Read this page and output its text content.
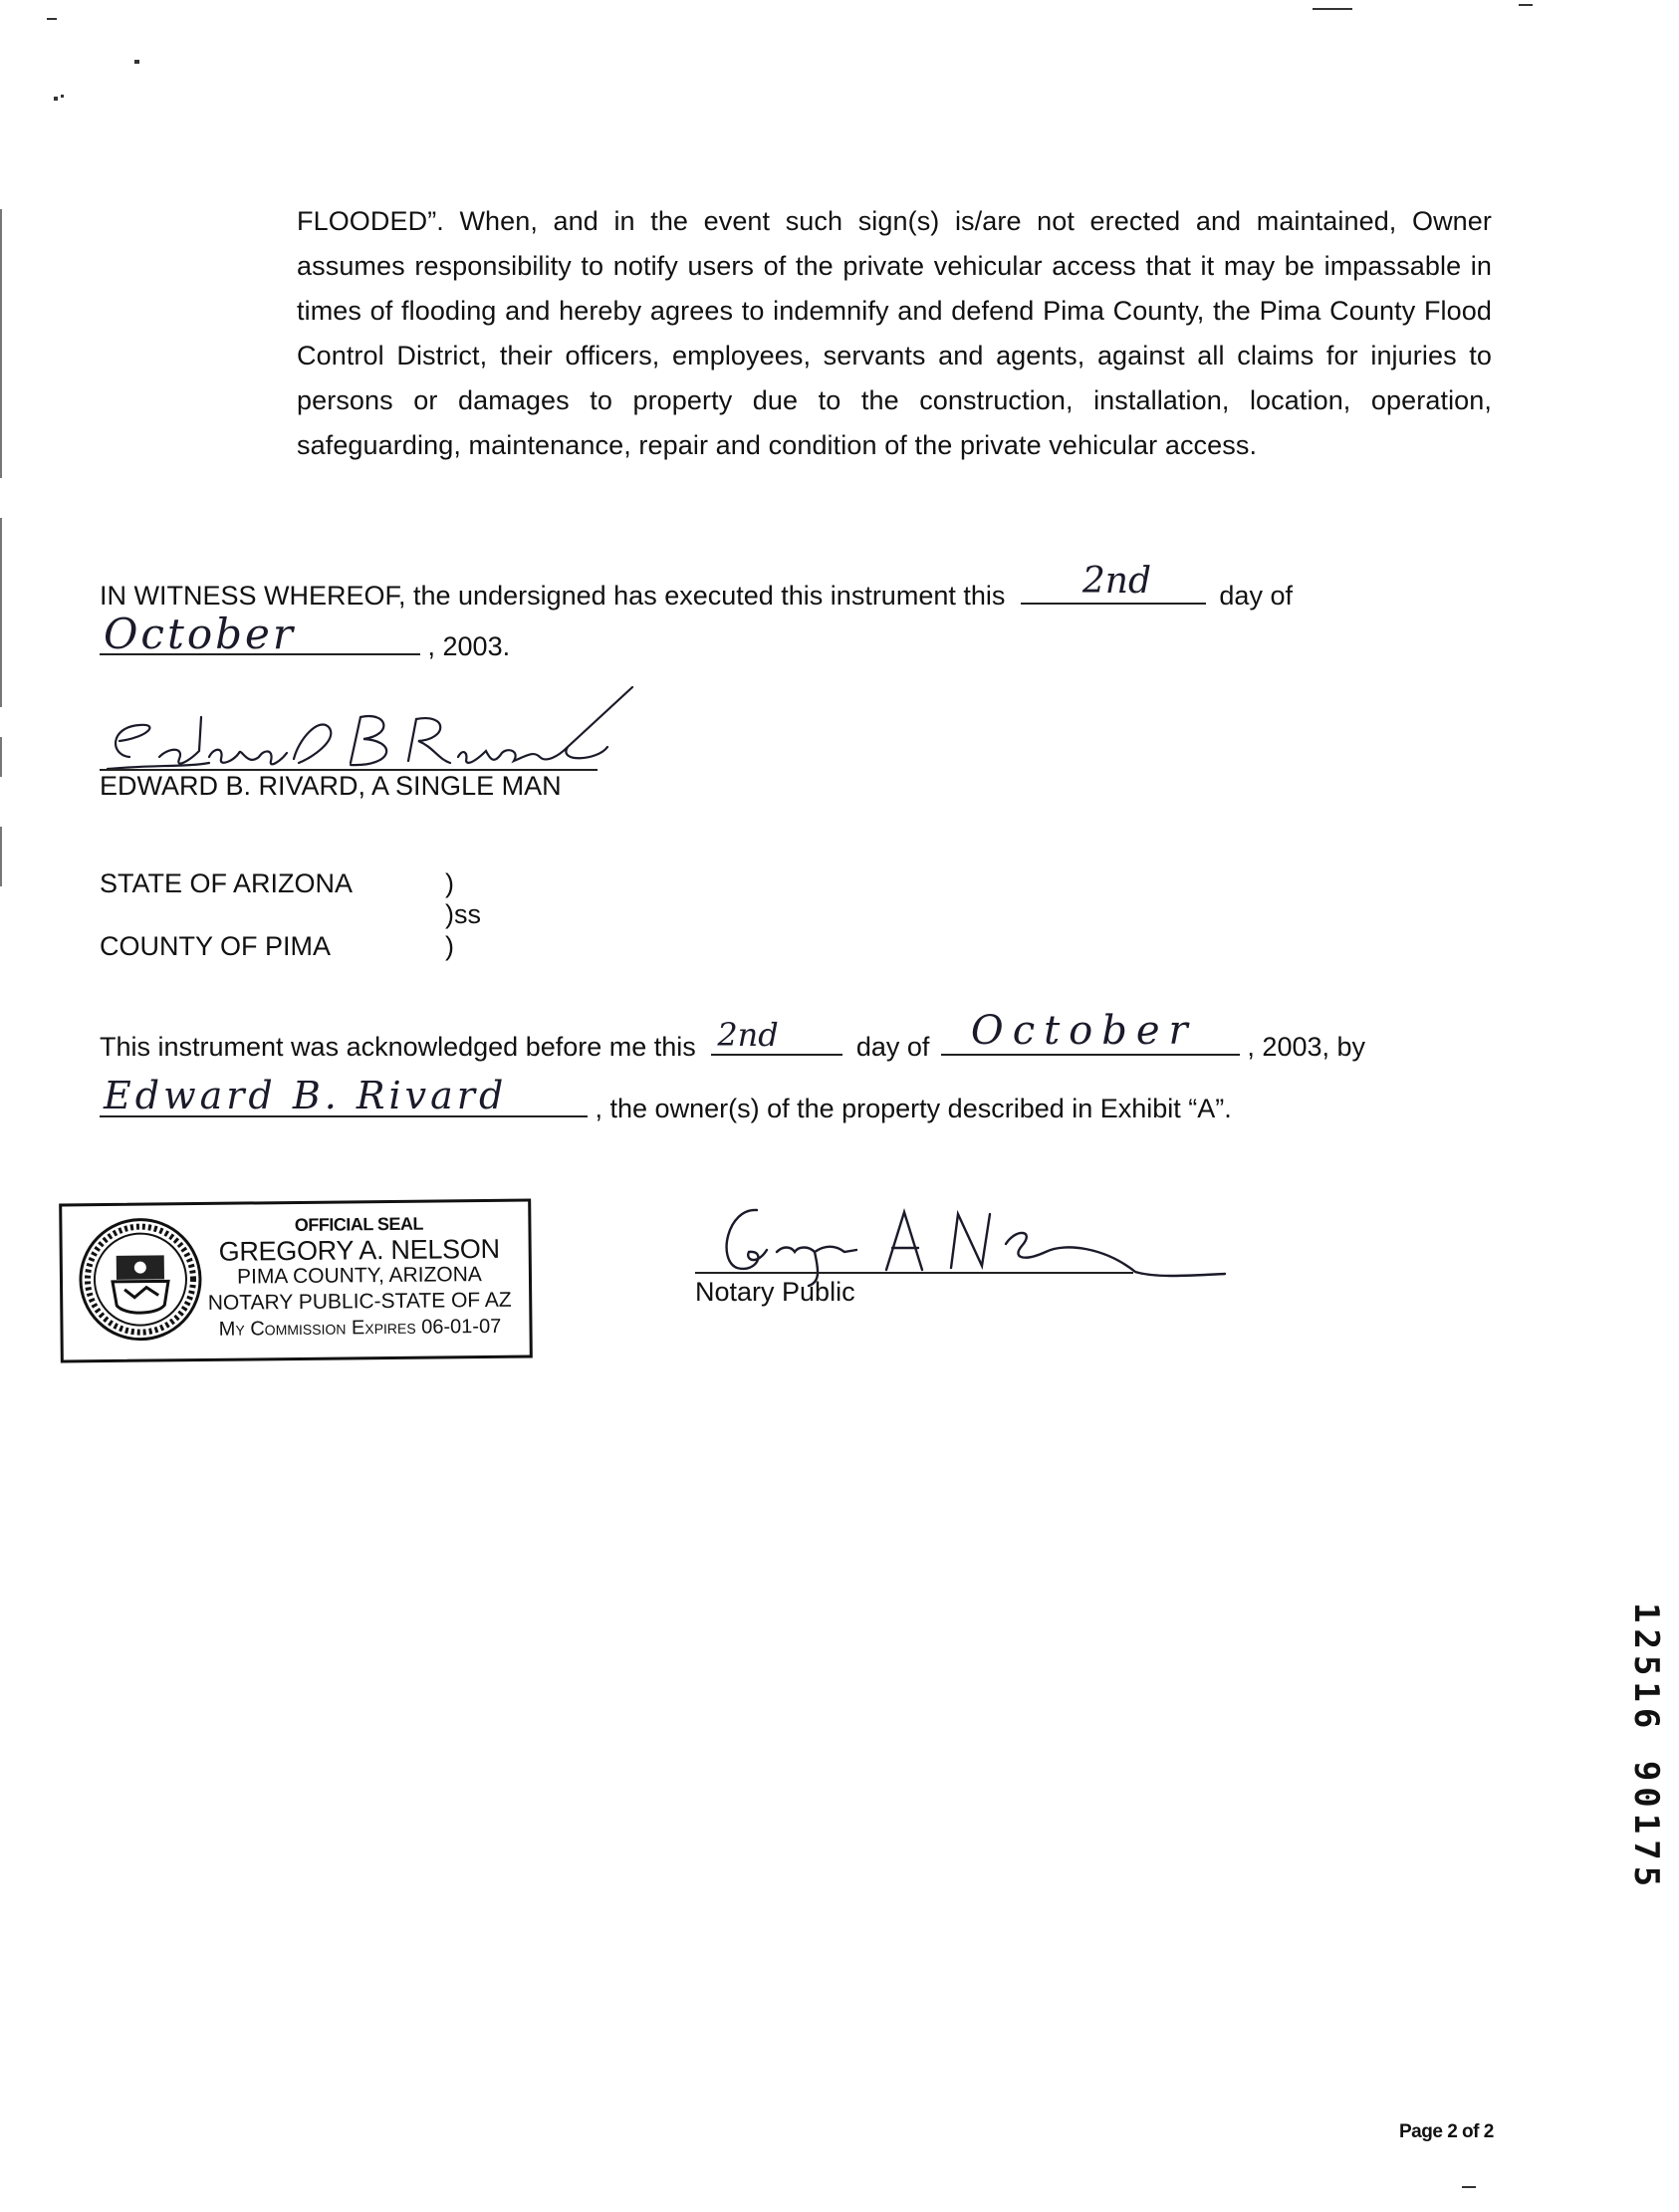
FLOODED”. When, and in the event such sign(s) is/are not erected and maintained, Owner assumes responsibility to notify users of the private vehicular access that it may be impassable in times of flooding and hereby agrees to indemnify and defend Pima County, the Pima County Flood Control District, their officers, employees, servants and agents, against all claims for injuries to persons or damages to property due to the construction, installation, location, operation, safeguarding, maintenance, repair and condition of the private vehicular access.
IN WITNESS WHEREOF, the undersigned has executed this instrument this 2nd	day of
October	, 2003.
EDWARD B. RIVARD, A SINGLE MAN
STATE OF ARIZONA	)
)ss
COUNTY OF PIMA	)
This instrument was acknowledged before me this 2nd	day of October , 2003, by
Edward B. Rivard	, the owner(s) of the property described in Exhibit “A”.
OFFICIAL SEAL
GREGORY A. NELSON
PIMA COUNTY, ARIZONA
NOTARY PUBLIC-STATE OF AZ
My Commission Expires 06-01-07
Notary Public
12516 90175
Page 2 of 2
